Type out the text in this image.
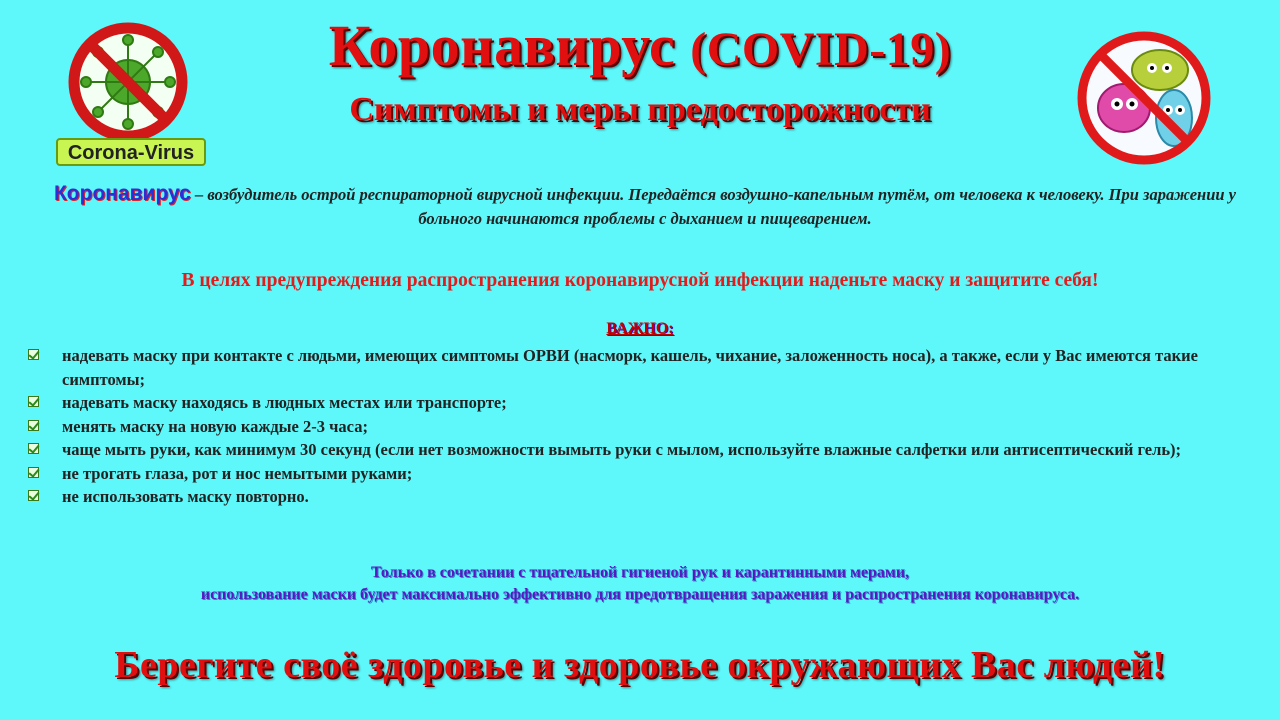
Corona-Virus
Коронавирус (COVID-19)
Симптомы и меры предосторожности
Коронавирус – возбудитель острой респираторной вирусной инфекции. Передаётся воздушно-капельным путём, от человека к человеку. При заражении у больного начинаются проблемы с дыханием и пищеварением.
В целях предупреждения распространения коронавирусной инфекции наденьте маску и защитите себя!
ВАЖНО:
надевать маску при контакте с людьми, имеющих симптомы ОРВИ (насморк, кашель, чихание, заложенность носа), а также, если у Вас имеются такие симптомы;
надевать маску находясь в людных местах или транспорте;
менять маску на новую каждые 2-3 часа;
чаще мыть руки, как минимум 30 секунд (если нет возможности вымыть руки с мылом, используйте влажные салфетки или антисептический гель);
не трогать глаза, рот и нос немытыми руками;
не использовать маску повторно.
Только в сочетании с тщательной гигиеной рук и карантинными мерами,
использование маски будет максимально эффективно для предотвращения заражения и распространения коронавируса.
Берегите своё здоровье и здоровье окружающих Вас людей!
